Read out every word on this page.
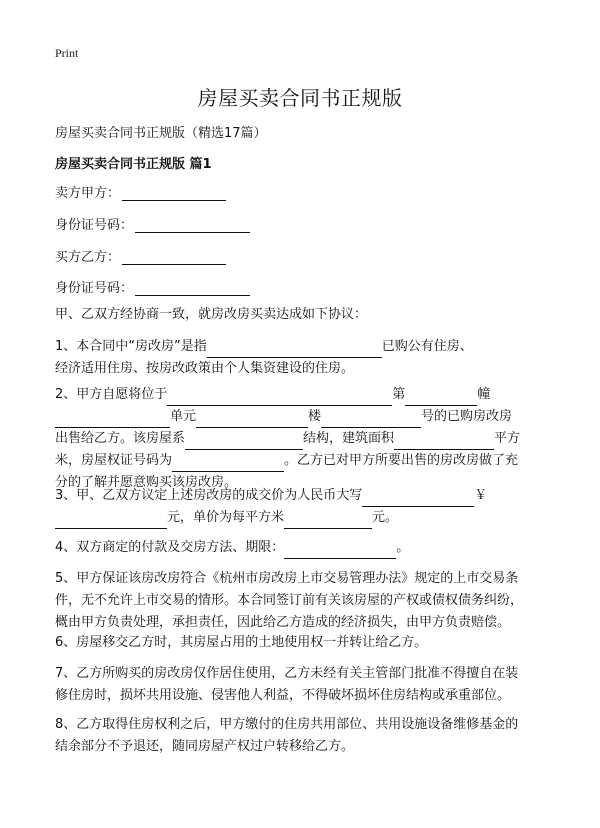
Print
房屋买卖合同书正规版
房屋买卖合同书正规版（精选17篇）
房屋买卖合同书正规版 篇1
卖方甲方：
身份证号码：
买方乙方：
身份证号码：
甲、乙双方经协商一致，就房改房买卖达成如下协议：
1、本合同中“房改房”是指	已购公有住房、
经济适用住房、按房改政策由个人集资建设的住房。
2、甲方自愿将位于	第	幢
单元	楼	号的已购房改房
出售给乙方。该房屋系	结构，建筑面积	平方
米，房屋权证号码为	。乙方已对甲方所要出售的房改房做了充
分的了解并愿意购买该房改房。
3、甲、乙双方议定上述房改房的成交价为人民币大写	￥
元，单价为每平方米	元。
4、双方商定的付款及交房方法、期限：	。
5、甲方保证该房改房符合《杭州市房改房上市交易管理办法》规定的上市交易条
件，无不允许上市交易的情形。本合同签订前有关该房屋的产权或债权债务纠纷，
概由甲方负责处理，承担责任，因此给乙方造成的经济损失，由甲方负责赔偿。
6、房屋移交乙方时，其房屋占用的土地使用权一并转让给乙方。
7、乙方所购买的房改房仅作居住使用，乙方未经有关主管部门批准不得擅自在装
修住房时，损坏共用设施、侵害他人利益，不得破坏损坏住房结构或承重部位。
8、乙方取得住房权利之后，甲方缴付的住房共用部位、共用设施设备维修基金的
结余部分不予退还，随同房屋产权过户转移给乙方。
